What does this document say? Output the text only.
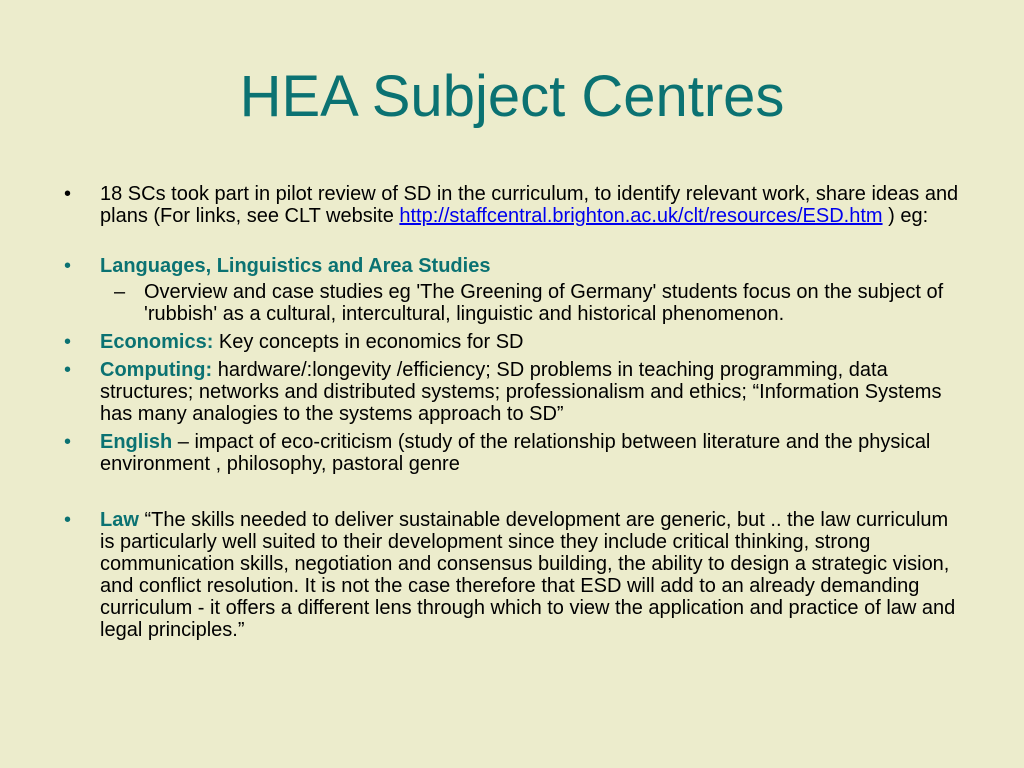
HEA Subject Centres
• 18 SCs took part in pilot review of SD in the curriculum, to identify relevant work, share ideas and plans (For links, see CLT website http://staffcentral.brighton.ac.uk/clt/resources/ESD.htm ) eg:
• Languages, Linguistics and Area Studies
– Overview and case studies eg 'The Greening of Germany' students focus on the subject of 'rubbish' as a cultural, intercultural, linguistic and historical phenomenon.
• Economics: Key concepts in economics for SD
• Computing: hardware/:longevity /efficiency; SD problems in teaching programming, data structures; networks and distributed systems; professionalism and ethics; “Information Systems has many analogies to the systems approach to SD”
• English – impact of eco-criticism (study of the relationship between literature and the physical environment , philosophy, pastoral genre
• Law “The skills needed to deliver sustainable development are generic, but .. the law curriculum is particularly well suited to their development since they include critical thinking, strong communication skills, negotiation and consensus building, the ability to design a strategic vision, and conflict resolution. It is not the case therefore that ESD will add to an already demanding curriculum - it offers a different lens through which to view the application and practice of law and legal principles.”
